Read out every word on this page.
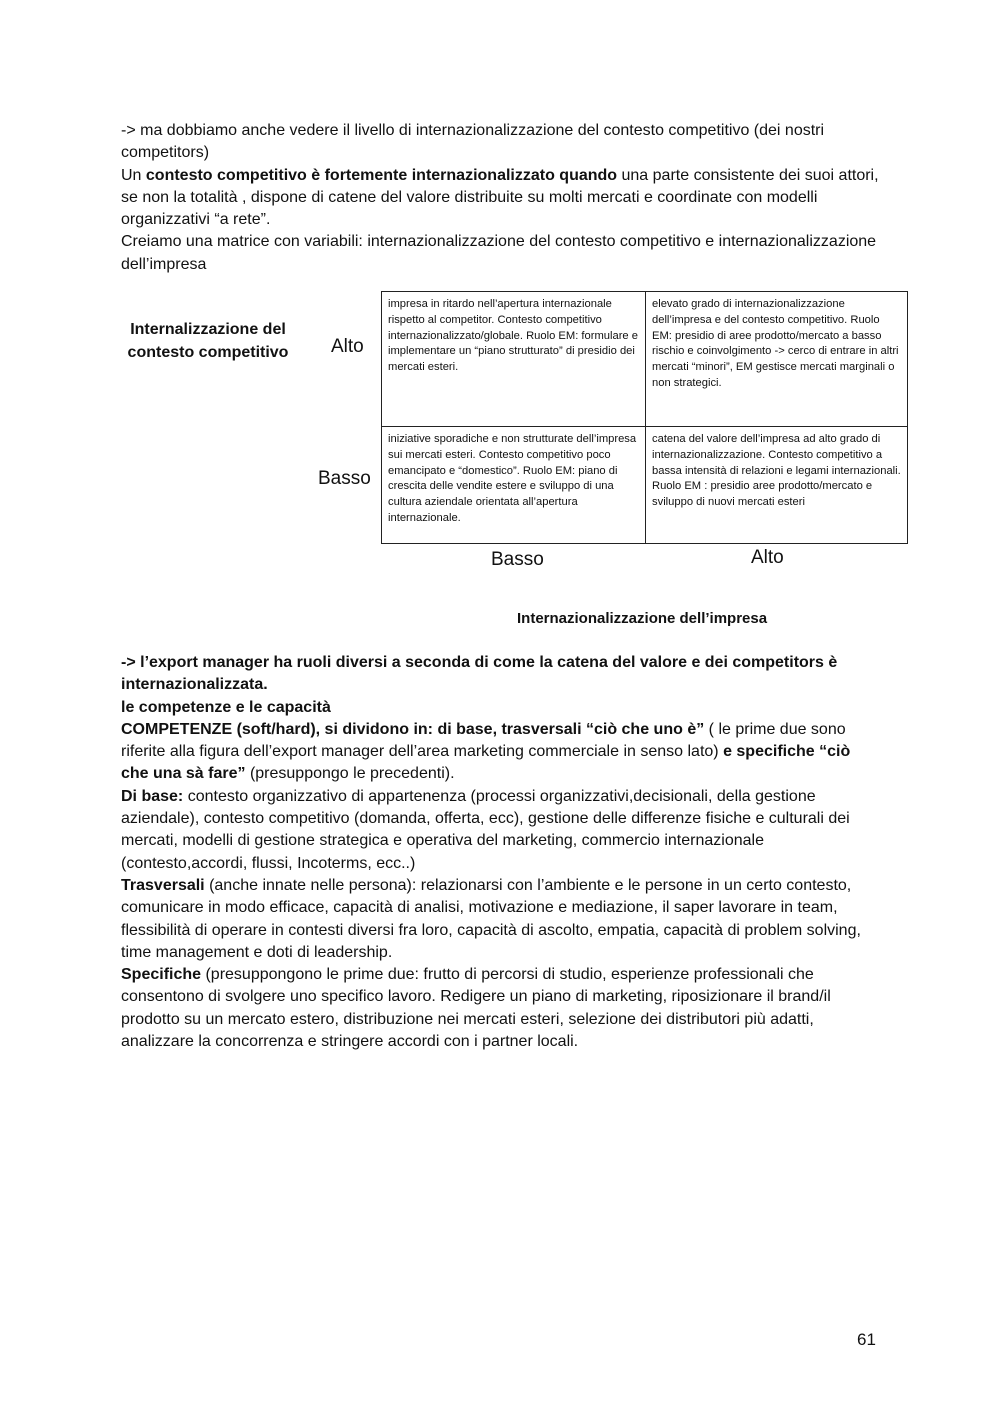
-> ma dobbiamo anche vedere il livello di internazionalizzazione del contesto competitivo (dei nostri competitors)
Un contesto competitivo è fortemente internazionalizzato quando una parte consistente dei suoi attori, se non la totalità , dispone di catene del valore distribuite su molti mercati e coordinate con modelli organizzativi “a rete”.
Creiamo una matrice con variabili: internazionalizzazione del contesto competitivo e internazionalizzazione
dell’impresa

Internalizzazione del contesto competitivo	Alto
Basso
impresa in ritardo nell’apertura internazionale rispetto al competitor. Contesto competitivo internazionalizzato/globale. Ruolo EM: formulare e implementare un “piano strutturato” di presidio dei mercati esteri.
elevato grado di internazionalizzazione dell’impresa e del contesto competitivo. Ruolo EM: presidio di aree prodotto/mercato a basso rischio e coinvolgimento -> cerco di entrare in altri mercati “minori”, EM gestisce mercati marginali o non strategici.
iniziative sporadiche e non strutturate dell’impresa sui mercati esteri. Contesto competitivo poco emancipato e “domestico”. Ruolo EM: piano di crescita delle vendite estere e sviluppo di una cultura aziendale orientata all’apertura internazionale.
catena del valore dell’impresa ad alto grado di internazionalizzazione. Contesto competitivo a bassa intensità di relazioni e legami internazionali. Ruolo EM : presidio aree prodotto/mercato e sviluppo di nuovi mercati esteri
Basso	Alto
Internazionalizzazione dell’impresa

-> l’export manager ha ruoli diversi a seconda di come la catena del valore e dei competitors è internazionalizzata.
le competenze e le capacità
COMPETENZE (soft/hard), si dividono in: di base, trasversali “ciò che uno è” ( le prime due sono riferite alla figura dell’export manager dell’area marketing commerciale in senso lato) e specifiche “ciò che una sà fare” (presuppongo le precedenti).
Di base: contesto organizzativo di appartenenza (processi organizzativi,decisionali, della gestione aziendale), contesto competitivo (domanda, offerta, ecc), gestione delle differenze fisiche e culturali dei mercati, modelli di gestione strategica e operativa del marketing, commercio internazionale (contesto,accordi, flussi, Incoterms, ecc..)
Trasversali (anche innate nelle persona): relazionarsi con l’ambiente e le persone in un certo contesto, comunicare in modo efficace, capacità di analisi, motivazione e mediazione, il saper lavorare in team, flessibilità di operare in contesti diversi fra loro, capacità di ascolto, empatia, capacità di problem solving, time management e doti di leadership.
Specifiche (presuppongono le prime due: frutto di percorsi di studio, esperienze professionali che consentono di svolgere uno specifico lavoro. Redigere un piano di marketing, riposizionare il brand/il prodotto su un mercato estero, distribuzione nei mercati esteri, selezione dei distributori più adatti, analizzare la concorrenza e stringere accordi con i partner locali.

61
